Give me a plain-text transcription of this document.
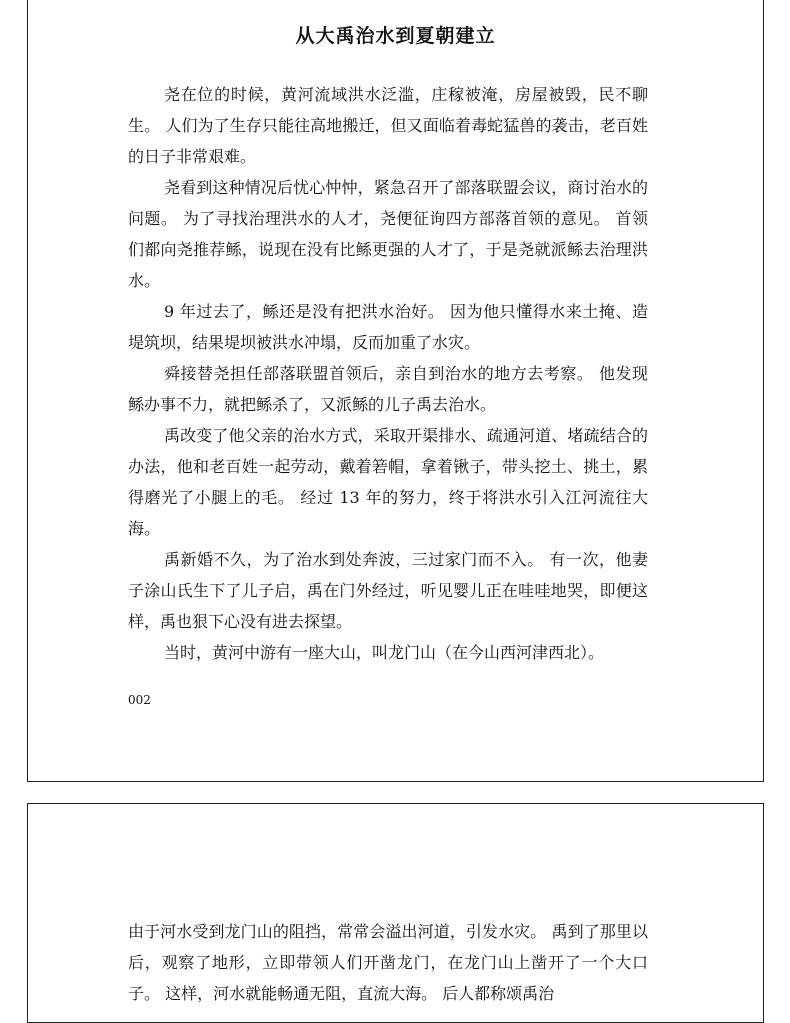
从大禹治水到夏朝建立

尧在位的时候，黄河流域洪水泛滥，庄稼被淹，房屋被毁，民不聊生。 人们为了生存只能往高地搬迁，但又面临着毒蛇猛兽的袭击，老百姓的日子非常艰难。

尧看到这种情况后忧心忡忡，紧急召开了部落联盟会议，商讨治水的问题。 为了寻找治理洪水的人才，尧便征询四方部落首领的意见。 首领们都向尧推荐鲧，说现在没有比鲧更强的人才了，于是尧就派鲧去治理洪水。

9 年过去了，鲧还是没有把洪水治好。 因为他只懂得水来土掩、造堤筑坝，结果堤坝被洪水冲塌，反而加重了水灾。

舜接替尧担任部落联盟首领后，亲自到治水的地方去考察。 他发现鲧办事不力，就把鲧杀了，又派鲧的儿子禹去治水。

禹改变了他父亲的治水方式，采取开渠排水、疏通河道、堵疏结合的办法，他和老百姓一起劳动，戴着箬帽，拿着锹子，带头挖土、挑土，累得磨光了小腿上的毛。 经过 13 年的努力，终于将洪水引入江河流往大海。

禹新婚不久，为了治水到处奔波，三过家门而不入。 有一次，他妻子涂山氏生下了儿子启，禹在门外经过，听见婴儿正在哇哇地哭，即便这样，禹也狠下心没有进去探望。

当时，黄河中游有一座大山，叫龙门山（在今山西河津西北）。

002

由于河水受到龙门山的阻挡，常常会溢出河道，引发水灾。 禹到了那里以后，观察了地形，立即带领人们开凿龙门，在龙门山上凿开了一个大口子。 这样，河水就能畅通无阻，直流大海。 后人都称颂禹治
